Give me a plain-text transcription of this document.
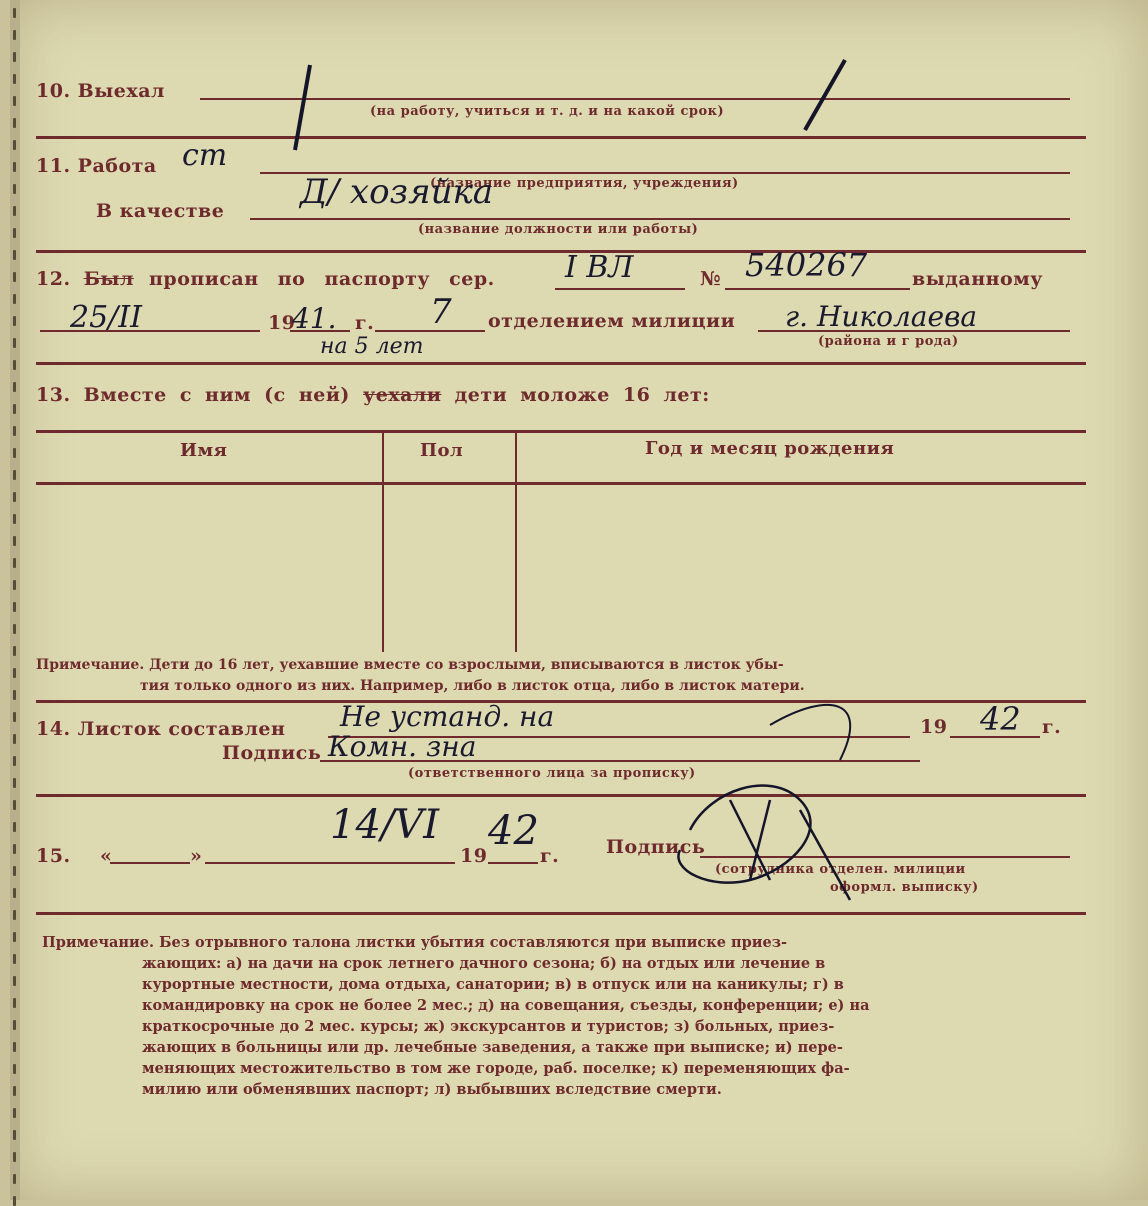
10. Выехал
(на работу, учиться и т. д. и на какой срок)
11. Работа
(название предприятия, учреждения)
В качестве
(название должности или работы)
12. Был прописан по паспорту сер.	№	выданному
19	г.	отделением милиции
(района и г рода)
13. Вместе с ним (с ней) уехали дети моложе 16 лет:
Имя	Пол	Год и месяц рождения
Примечание. Дети до 16 лет, уехавшие вместе со взрослыми, вписываются в листок убы-
тия только одного из них. Например, либо в листок отца, либо в листок матери.
14. Листок составлен	19	г.
Подпись
(ответственного лица за прописку)
15. «	»	19	г. Подпись
(сотрудника отделен. милиции
оформл. выписку)
Примечание. Без отрывного талона листки убытия составляются при выписке приез-
жающих: а) на дачи на срок летнего дачного сезона; б) на отдых или лечение в
курортные местности, дома отдыха, санатории; в) в отпуск или на каникулы; г) в
командировку на срок не более 2 мес.; д) на совещания, съезды, конференции; е) на
краткосрочные до 2 мес. курсы; ж) экскурсантов и туристов; з) больных, приез-
жающих в больницы или др. лечебные заведения, а также при выписке; и) пере-
меняющих местожительство в том же городе, раб. поселке; к) переменяющих фа-
милию или обменявших паспорт; л) выбывших вследствие смерти.
ст
Д/ хозяйка
I ВЛ	540267
25/II	41.	7
на 5 лет
г. Николаева
Не устанд. на	42
Комн. зна
14/VI 42
